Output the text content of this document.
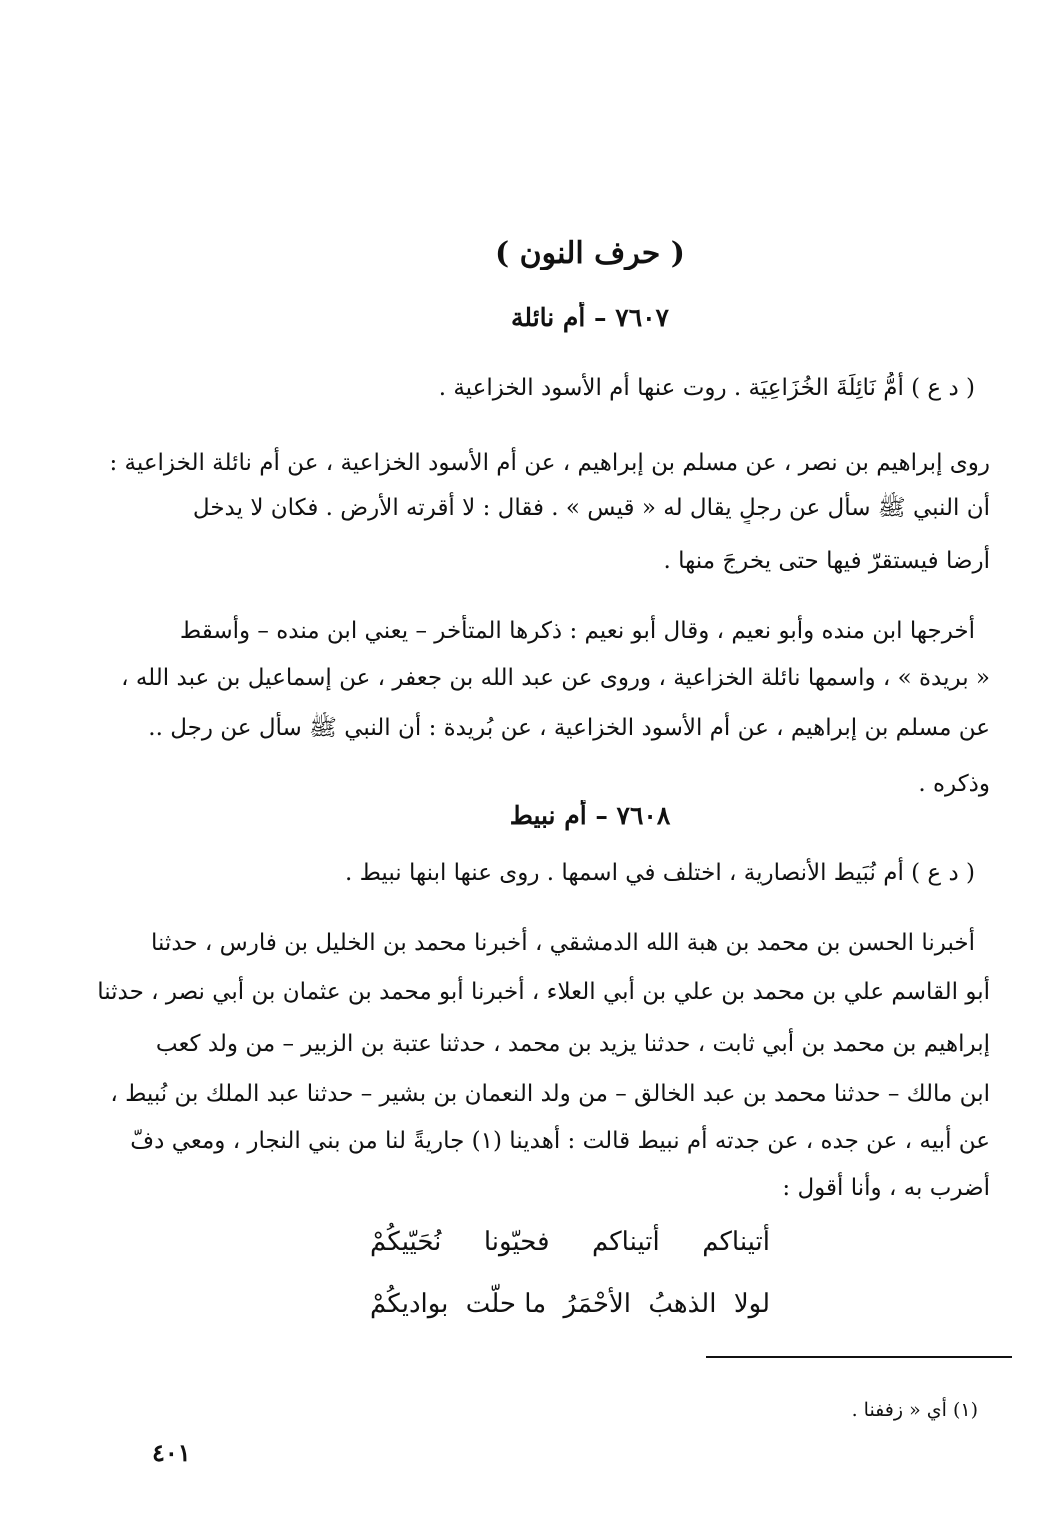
( حرف النون )
٧٦٠٧ – أم نائلة
( د ع ) أُمُّ نَائِلَةَ الخُزَاعِيَة . روت عنها أم الأسود الخزاعية .
روى إبراهيم بن نصر ، عن مسلم بن إبراهيم ، عن أم الأسود الخزاعية ، عن أم نائلة الخزاعية :
أن النبي ﷺ سأل عن رجلٍ يقال له « قيس » . فقال : لا أقرته الأرض . فكان لا يدخل
أرضا فيستقرّ فيها حتى يخرجَ منها .
أخرجها ابن منده وأبو نعيم ، وقال أبو نعيم : ذكرها المتأخر – يعني ابن منده – وأسقط
« بريدة » ، واسمها نائلة الخزاعية ، وروى عن عبد الله بن جعفر ، عن إسماعيل بن عبد الله ،
عن مسلم بن إبراهيم ، عن أم الأسود الخزاعية ، عن بُريدة : أن النبي ﷺ سأل عن رجل ..
وذكره .
٧٦٠٨ – أم نبيط
( د ع ) أم نُبَيط الأنصارية ، اختلف في اسمها . روى عنها ابنها نبيط .
أخبرنا الحسن بن محمد بن هبة الله الدمشقي ، أخبرنا محمد بن الخليل بن فارس ، حدثنا
أبو القاسم علي بن محمد بن علي بن أبي العلاء ، أخبرنا أبو محمد بن عثمان بن أبي نصر ، حدثنا
إبراهيم بن محمد بن أبي ثابت ، حدثنا يزيد بن محمد ، حدثنا عتبة بن الزبير – من ولد كعب
ابن مالك – حدثنا محمد بن عبد الخالق – من ولد النعمان بن بشير – حدثنا عبد الملك بن نُبيط ،
عن أبيه ، عن جده ، عن جدته أم نبيط قالت : أهدينا (١) جاريةً لنا من بني النجار ، ومعي دفّ
أضرب به ، وأنا أقول :
أتيناكم
أتيناكم
فحيّونا
نُحَيّيكُمْ
لولا
الذهبُ
الأحْمَرُ
ما حلّت
بواديكُمْ
(١) أي « زففنا .
٤٠١
